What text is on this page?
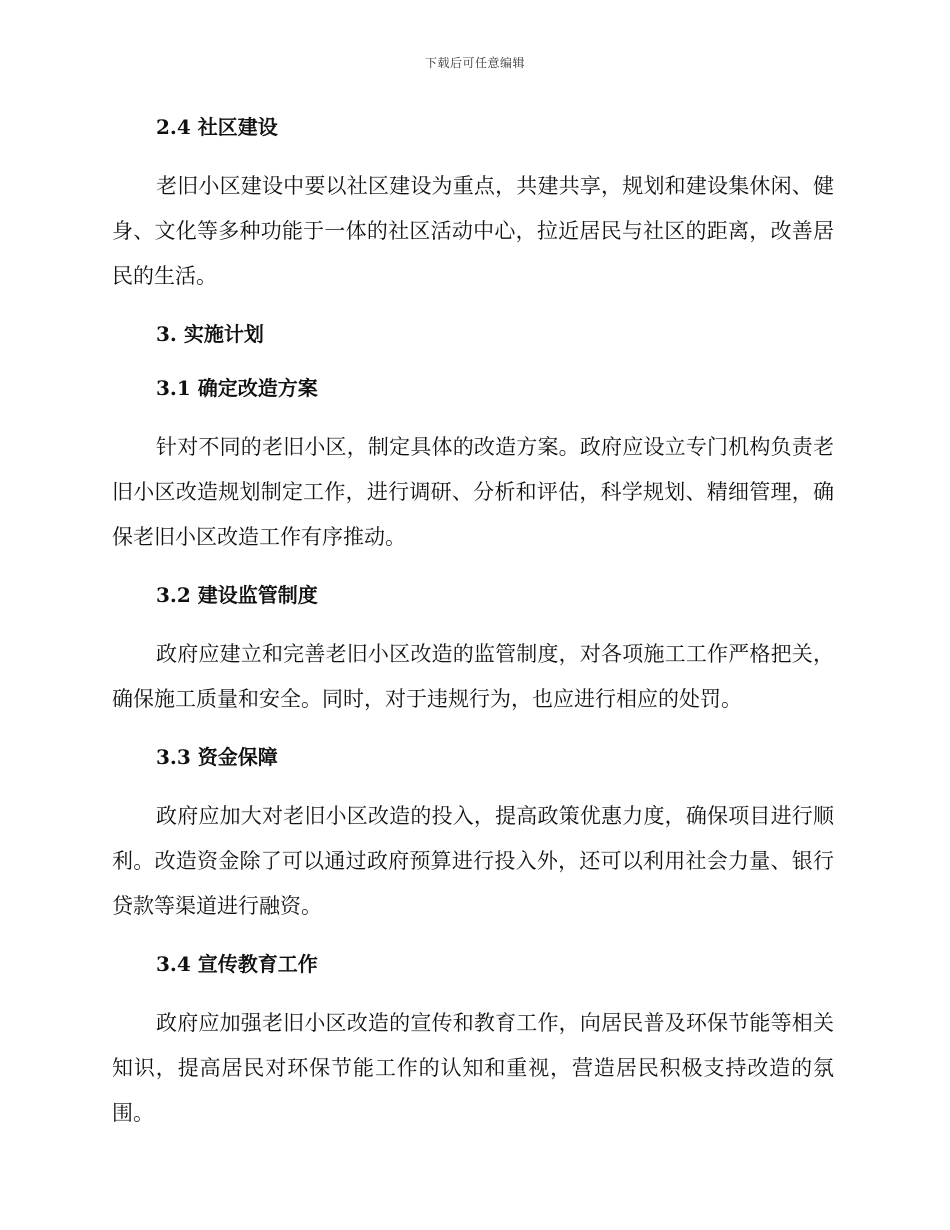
下载后可任意编辑
2.4 社区建设

老旧小区建设中要以社区建设为重点，共建共享，规划和建设集休闲、健身、文化等多种功能于一体的社区活动中心，拉近居民与社区的距离，改善居民的生活。

3. 实施计划
3.1 确定改造方案

针对不同的老旧小区，制定具体的改造方案。政府应设立专门机构负责老旧小区改造规划制定工作，进行调研、分析和评估，科学规划、精细管理，确保老旧小区改造工作有序推动。

3.2 建设监管制度

政府应建立和完善老旧小区改造的监管制度，对各项施工工作严格把关，确保施工质量和安全。同时，对于违规行为，也应进行相应的处罚。

3.3 资金保障

政府应加大对老旧小区改造的投入，提高政策优惠力度，确保项目进行顺利。改造资金除了可以通过政府预算进行投入外，还可以利用社会力量、银行贷款等渠道进行融资。

3.4 宣传教育工作

政府应加强老旧小区改造的宣传和教育工作，向居民普及环保节能等相关知识，提高居民对环保节能工作的认知和重视，营造居民积极支持改造的氛围。
